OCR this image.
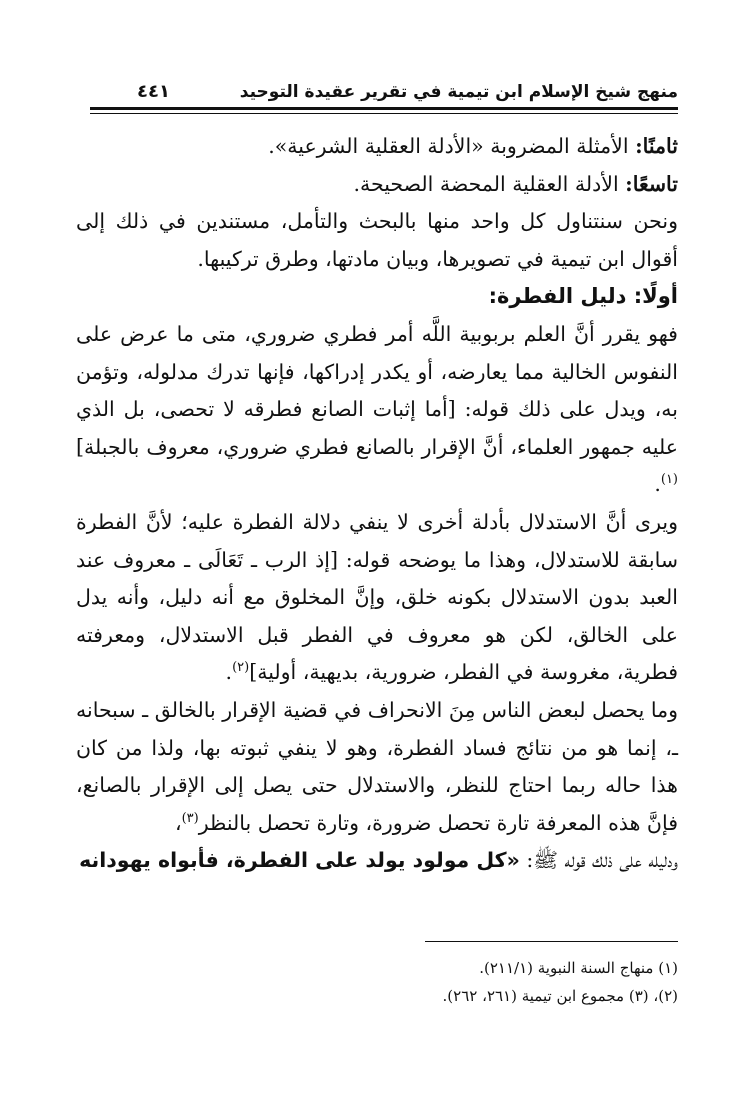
منهج شيخ الإسلام ابن تيمية في تقرير عقيدة التوحيد
٤٤١

ثامنًا: الأمثلة المضروبة «الأدلة العقلية الشرعية».

تاسعًا: الأدلة العقلية المحضة الصحيحة.

ونحن سنتناول كل واحد منها بالبحث والتأمل، مستندين في ذلك إلى أقوال ابن تيمية في تصويرها، وبيان مادتها، وطرق تركيبها.

أولًا: دليل الفطرة:

فهو يقرر أنَّ العلم بربوبية اللَّه أمر فطري ضروري، متى ما عرض على النفوس الخالية مما يعارضه، أو يكدر إدراكها، فإنها تدرك مدلوله، وتؤمن به، ويدل على ذلك قوله: [أما إثبات الصانع فطرقه لا تحصى، بل الذي عليه جمهور العلماء، أنَّ الإقرار بالصانع فطري ضروري، معروف بالجبلة]$^{(١)}$.

ويرى أنَّ الاستدلال بأدلة أخرى لا ينفي دلالة الفطرة عليه؛ لأنَّ الفطرة سابقة للاستدلال، وهذا ما يوضحه قوله: [إذ الرب ـ تَعَالَى ـ معروف عند العبد بدون الاستدلال بكونه خلق، وإنَّ المخلوق مع أنه دليل، وأنه يدل على الخالق، لكن هو معروف في الفطر قبل الاستدلال، ومعرفته فطرية، مغروسة في الفطر، ضرورية، بديهية، أولية]$^{(٢)}$.

وما يحصل لبعض الناس مِنَ الانحراف في قضية الإقرار بالخالق ـ سبحانه ـ، إنما هو من نتائج فساد الفطرة، وهو لا ينفي ثبوته بها، ولذا من كان هذا حاله ربما احتاج للنظر، والاستدلال حتى يصل إلى الإقرار بالصانع، فإنَّ هذه المعرفة تارة تحصل ضرورة، وتارة تحصل بالنظر$^{(٣)}$،

ودليله على ذلك قوله ﷺ: «كل مولود يولد على الفطرة، فأبواه يهودانه

(١) منهاج السنة النبوية (٢١١/١).

(٢)، (٣) مجموع ابن تيمية (٢٦١، ٢٦٢).
